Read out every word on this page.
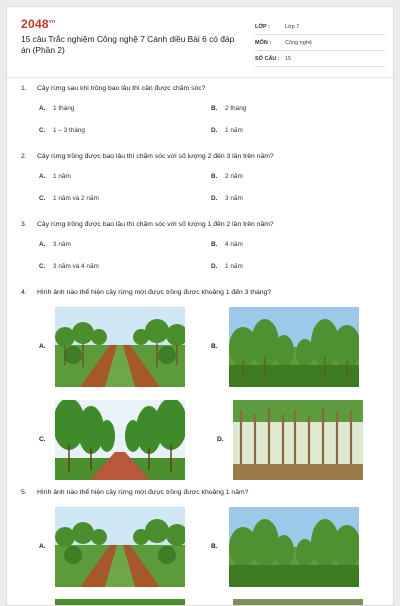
$2048^{vn}$
15 câu Trắc nghiệm Công nghệ 7 Cánh diều Bài 6 có đáp án (Phần 2)
LỚP :	Lớp 7
MÔN :	Công nghệ
SỐ CÂU : 15
1. Cây rừng sau khi trồng bao lâu thì cần được chăm sóc?
A. 1 tháng	B. 2 tháng
C. 1 – 3 tháng	D. 1 năm
2. Cây rừng trồng được bao lâu thì chăm sóc với số lượng 2 đến 3 lần trên năm?
A. 1 năm	B. 2 năm
C. 1 năm và 2 năm	D. 3 năm
3. Cây rừng trồng được bao lâu thì chăm sóc với số lượng 1 đến 2 lần trên năm?
A. 3 năm	B. 4 năm
C. 3 năm và 4 năm	D. 1 năm
4. Hình ảnh nào thể hiện cây rừng mới được trồng được khoảng 1 đến 3 tháng?
A.	B.
C.	D.
5. Hình ảnh nào thể hiện cây rừng mới được trồng được khoảng 1 năm?
A.	B.
